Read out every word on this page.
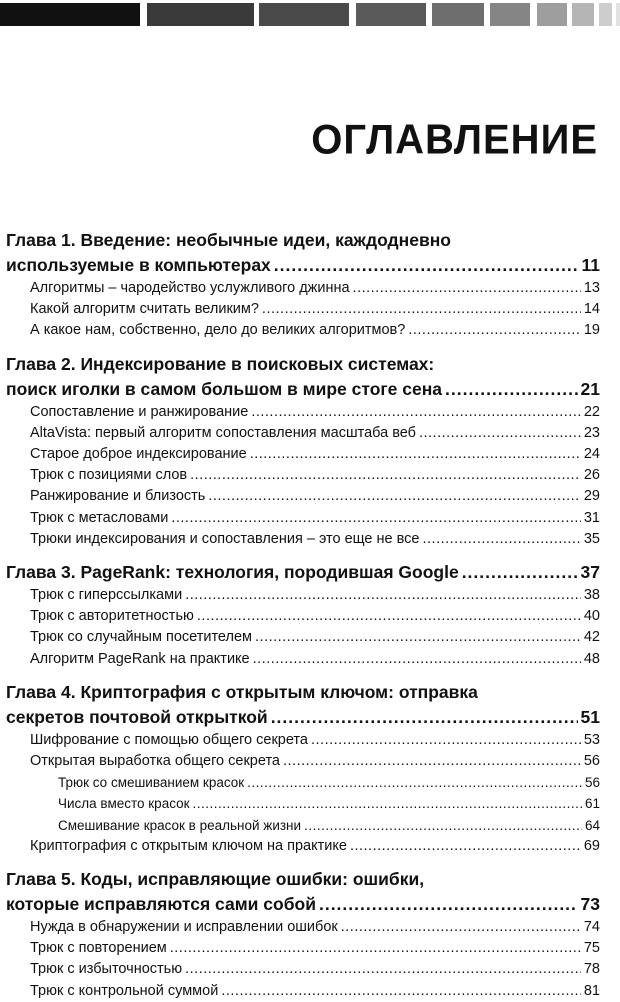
ОГЛАВЛЕНИЕ
Глава 1. Введение: необычные идеи, каждодневно
используемые в компьютерах .....	11
Алгоритмы – чародейство услужливого джинна .....	13
Какой алгоритм считать великим? .....	14
А какое нам, собственно, дело до великих алгоритмов? .....	19
Глава 2. Индексирование в поисковых системах:
поиск иголки в самом большом в мире стоге сена .....	21
Сопоставление и ранжирование .....	22
AltaVista: первый алгоритм сопоставления масштаба веб .....	23
Старое доброе индексирование .....	24
Трюк с позициями слов .....	26
Ранжирование и близость .....	29
Трюк с метасловами .....	31
Трюки индексирования и сопоставления – это еще не все .....	35
Глава 3. PageRank: технология, породившая Google .....	37
Трюк с гиперссылками .....	38
Трюк с авторитетностью .....	40
Трюк со случайным посетителем .....	42
Алгоритм PageRank на практике .....	48
Глава 4. Криптография с открытым ключом: отправка
секретов почтовой открыткой .....	51
Шифрование с помощью общего секрета .....	53
Открытая выработка общего секрета .....	56
Трюк со смешиванием красок .....	56
Числа вместо красок .....	61
Смешивание красок в реальной жизни .....	64
Криптография с открытым ключом на практике .....	69
Глава 5. Коды, исправляющие ошибки: ошибки,
которые исправляются сами собой .....	73
Нужда в обнаружении и исправлении ошибок .....	74
Трюк с повторением .....	75
Трюк с избыточностью .....	78
Трюк с контрольной суммой .....	81
